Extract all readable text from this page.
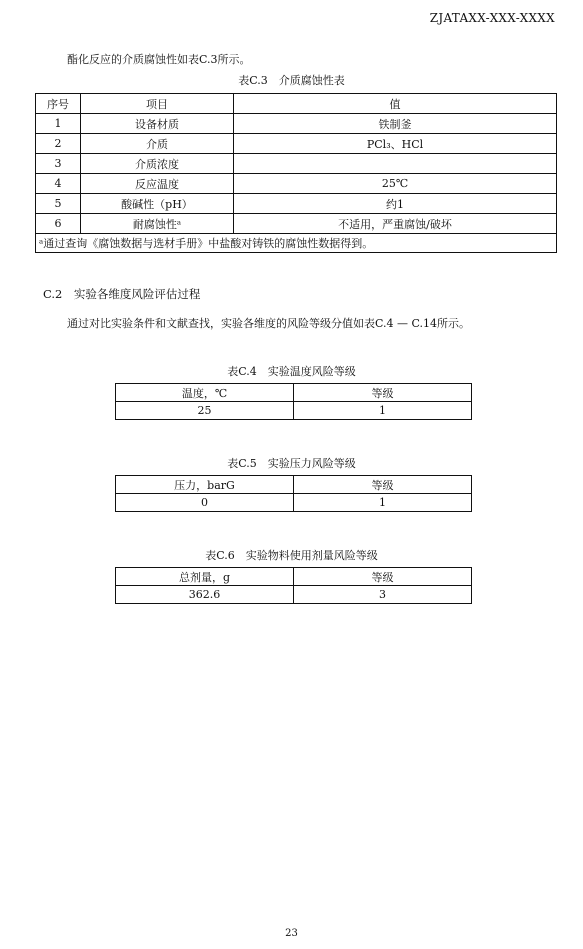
ZJATAXX-XXX-XXXX
酯化反应的介质腐蚀性如表C.3所示。
表C.3　介质腐蚀性表
序号	项目	值
1	设备材质	铁制釜
2	介质	PCl₃、HCl
3	介质浓度	
4	反应温度	25℃
5	酸碱性（pH）	约1
6	耐腐蚀性ᵃ	不适用，严重腐蚀/破坏
ᵃ通过查询《腐蚀数据与选材手册》中盐酸对铸铁的腐蚀性数据得到。		
C.2　实验各维度风险评估过程
通过对比实验条件和文献查找，实验各维度的风险等级分值如表C.4 — C.14所示。
表C.4　实验温度风险等级
温度，℃	等级
25	1
表C.5　实验压力风险等级
压力，barG	等级
0	1
表C.6　实验物料使用剂量风险等级
总剂量，g	等级
362.6	3
23
